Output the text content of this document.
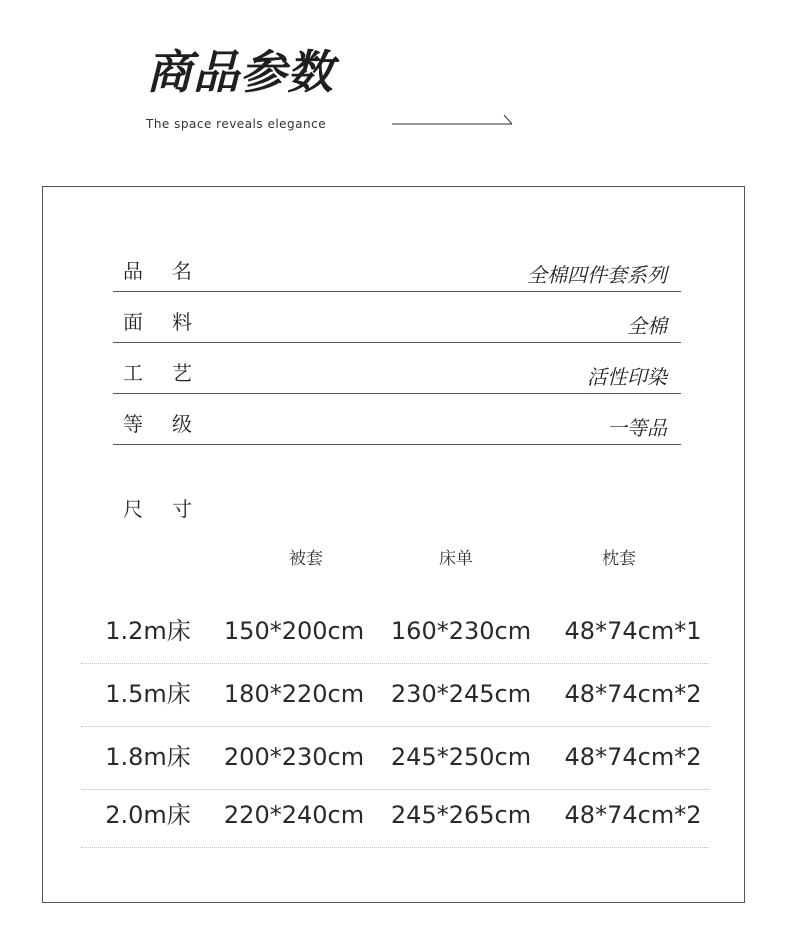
商品参数
The space reveals elegance
品名	全棉四件套系列
面料	全棉
工艺	活性印染
等级	一等品
尺寸
被套	床单	枕套
1.2m床 150*200cm 160*230cm 48*74cm*1
1.5m床 180*220cm 230*245cm 48*74cm*2
1.8m床 200*230cm 245*250cm 48*74cm*2
2.0m床 220*240cm 245*265cm 48*74cm*2
